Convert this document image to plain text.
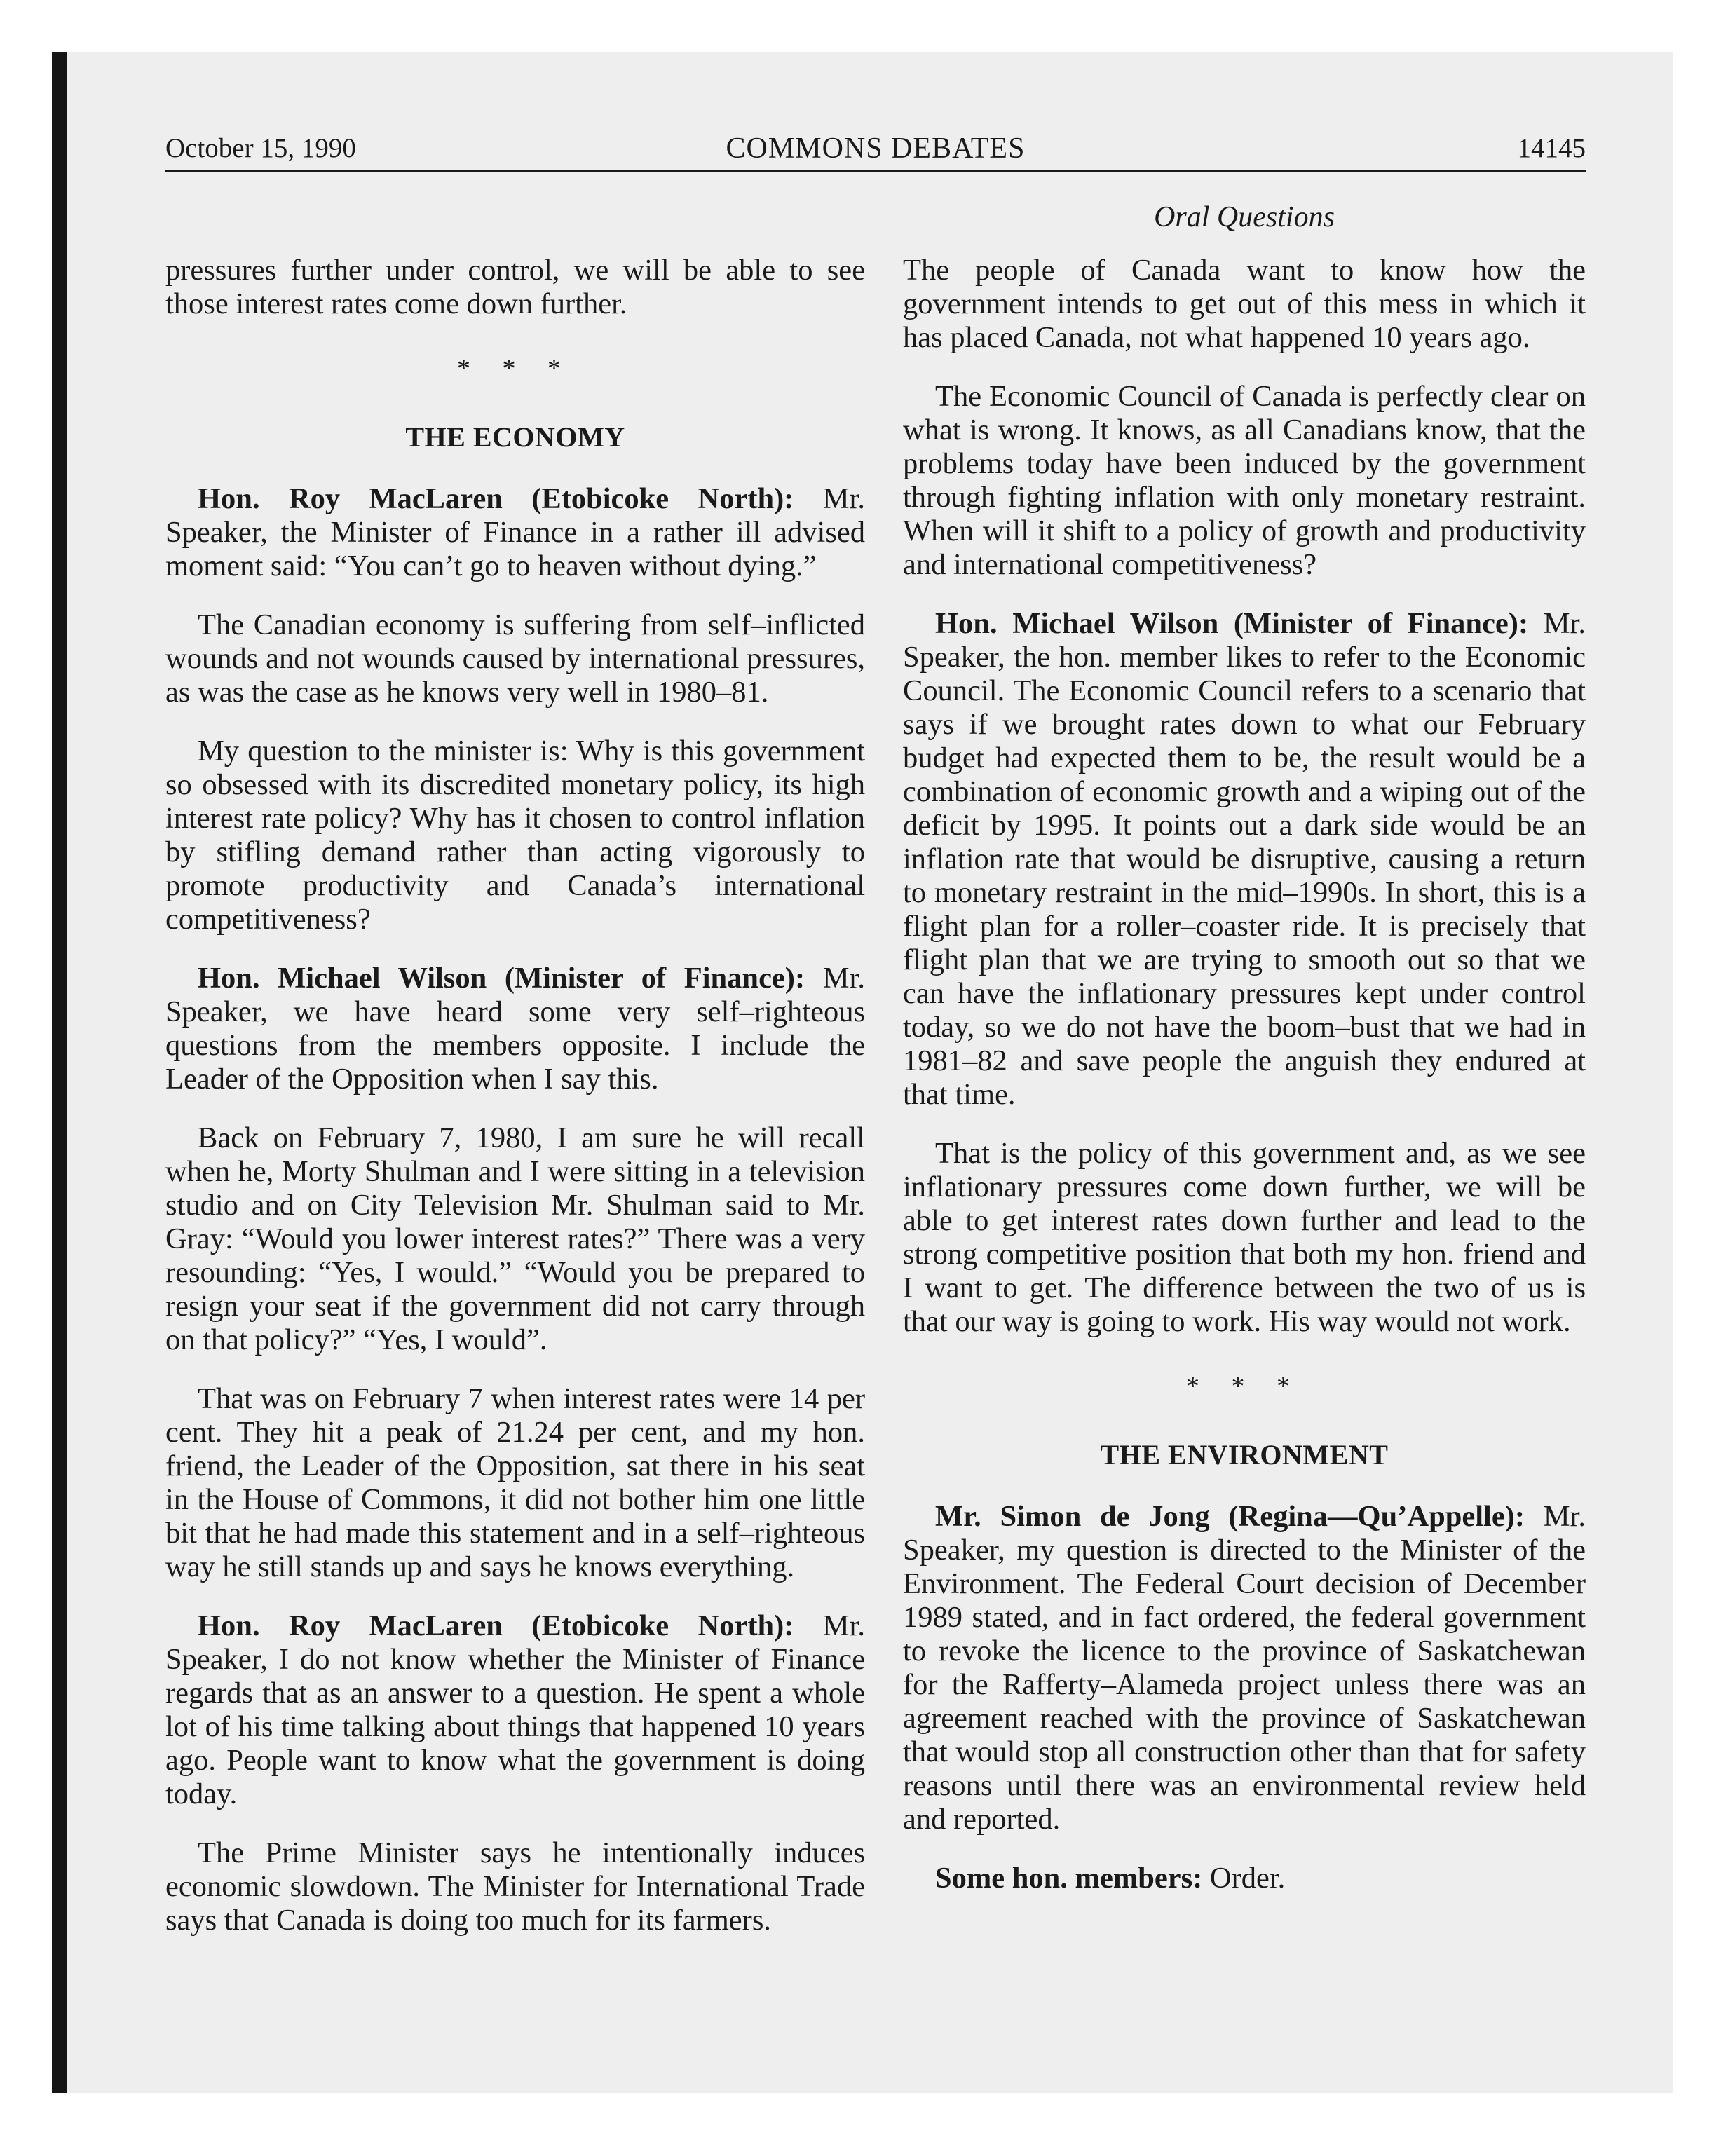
October 15, 1990	COMMONS DEBATES	14145
Oral Questions

pressures further under control, we will be able to see those interest rates come down further.

* * *
THE ECONOMY

Hon. Roy MacLaren (Etobicoke North): Mr. Speaker, the Minister of Finance in a rather ill advised moment said: “You can’t go to heaven without dying.”

The Canadian economy is suffering from self–inflicted wounds and not wounds caused by international pressures, as was the case as he knows very well in 1980–81.

My question to the minister is: Why is this government so obsessed with its discredited monetary policy, its high interest rate policy? Why has it chosen to control inflation by stifling demand rather than acting vigorously to promote productivity and Canada’s international competitiveness?

Hon. Michael Wilson (Minister of Finance): Mr. Speaker, we have heard some very self–righteous questions from the members opposite. I include the Leader of the Opposition when I say this.

Back on February 7, 1980, I am sure he will recall when he, Morty Shulman and I were sitting in a television studio and on City Television Mr. Shulman said to Mr. Gray: “Would you lower interest rates?” There was a very resounding: “Yes, I would.” “Would you be prepared to resign your seat if the government did not carry through on that policy?” “Yes, I would”.

That was on February 7 when interest rates were 14 per cent. They hit a peak of 21.24 per cent, and my hon. friend, the Leader of the Opposition, sat there in his seat in the House of Commons, it did not bother him one little bit that he had made this statement and in a self–righteous way he still stands up and says he knows everything.

Hon. Roy MacLaren (Etobicoke North): Mr. Speaker, I do not know whether the Minister of Finance regards that as an answer to a question. He spent a whole lot of his time talking about things that happened 10 years ago. People want to know what the government is doing today.

The Prime Minister says he intentionally induces economic slowdown. The Minister for International Trade says that Canada is doing too much for its farmers.

The people of Canada want to know how the government intends to get out of this mess in which it has placed Canada, not what happened 10 years ago.

The Economic Council of Canada is perfectly clear on what is wrong. It knows, as all Canadians know, that the problems today have been induced by the government through fighting inflation with only monetary restraint. When will it shift to a policy of growth and productivity and international competitiveness?

Hon. Michael Wilson (Minister of Finance): Mr. Speaker, the hon. member likes to refer to the Economic Council. The Economic Council refers to a scenario that says if we brought rates down to what our February budget had expected them to be, the result would be a combination of economic growth and a wiping out of the deficit by 1995. It points out a dark side would be an inflation rate that would be disruptive, causing a return to monetary restraint in the mid–1990s. In short, this is a flight plan for a roller–coaster ride. It is precisely that flight plan that we are trying to smooth out so that we can have the inflationary pressures kept under control today, so we do not have the boom–bust that we had in 1981–82 and save people the anguish they endured at that time.

That is the policy of this government and, as we see inflationary pressures come down further, we will be able to get interest rates down further and lead to the strong competitive position that both my hon. friend and I want to get. The difference between the two of us is that our way is going to work. His way would not work.

* * *
THE ENVIRONMENT

Mr. Simon de Jong (Regina—Qu’Appelle): Mr. Speaker, my question is directed to the Minister of the Environment. The Federal Court decision of December 1989 stated, and in fact ordered, the federal government to revoke the licence to the province of Saskatchewan for the Rafferty–Alameda project unless there was an agreement reached with the province of Saskatchewan that would stop all construction other than that for safety reasons until there was an environmental review held and reported.

Some hon. members: Order.
